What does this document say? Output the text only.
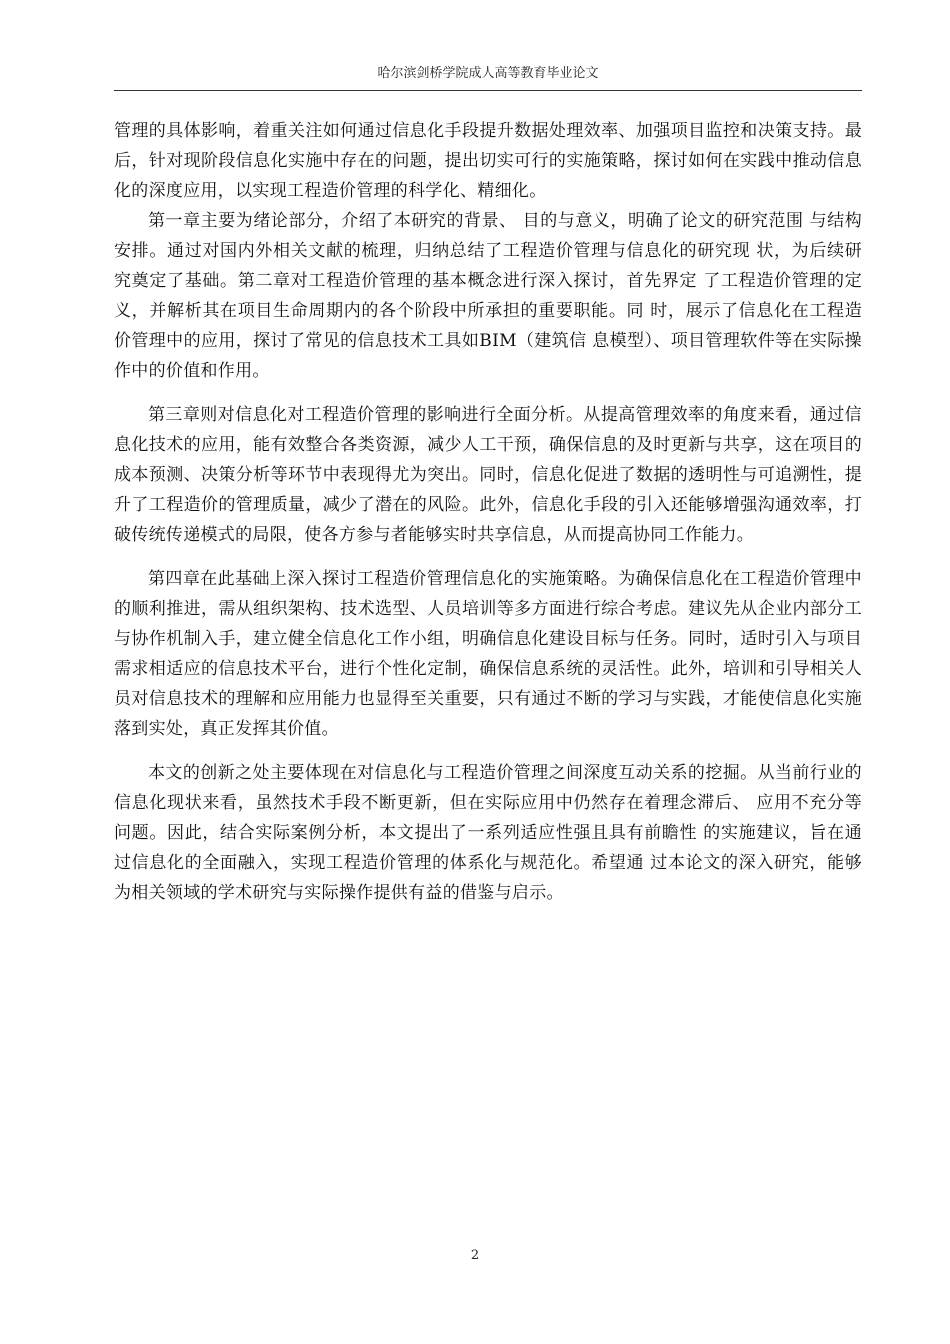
哈尔滨剑桥学院成人高等教育毕业论文

管理的具体影响，着重关注如何通过信息化手段提升数据处理效率、加强项目监控和决策支持。最后，针对现阶段信息化实施中存在的问题，提出切实可行的实施策略，探讨如何在实践中推动信息化的深度应用，以实现工程造价管理的科学化、精细化。

第一章主要为绪论部分，介绍了本研究的背景、 目的与意义，明确了论文的研究范围 与结构安排。通过对国内外相关文献的梳理，归纳总结了工程造价管理与信息化的研究现 状，为后续研究奠定了基础。第二章对工程造价管理的基本概念进行深入探讨，首先界定 了工程造价管理的定义，并解析其在项目生命周期内的各个阶段中所承担的重要职能。同 时，展示了信息化在工程造价管理中的应用，探讨了常见的信息技术工具如BIM（建筑信 息模型）、项目管理软件等在实际操作中的价值和作用。

第三章则对信息化对工程造价管理的影响进行全面分析。从提高管理效率的角度来看，通过信息化技术的应用，能有效整合各类资源，减少人工干预，确保信息的及时更新与共享，这在项目的成本预测、决策分析等环节中表现得尤为突出。同时，信息化促进了数据的透明性与可追溯性，提升了工程造价的管理质量，减少了潜在的风险。此外，信息化手段的引入还能够增强沟通效率，打破传统传递模式的局限，使各方参与者能够实时共享信息，从而提高协同工作能力。

第四章在此基础上深入探讨工程造价管理信息化的实施策略。为确保信息化在工程造价管理中的顺利推进，需从组织架构、技术选型、人员培训等多方面进行综合考虑。建议先从企业内部分工与协作机制入手，建立健全信息化工作小组，明确信息化建设目标与任务。同时，适时引入与项目需求相适应的信息技术平台，进行个性化定制，确保信息系统的灵活性。此外，培训和引导相关人员对信息技术的理解和应用能力也显得至关重要，只有通过不断的学习与实践，才能使信息化实施落到实处，真正发挥其价值。

本文的创新之处主要体现在对信息化与工程造价管理之间深度互动关系的挖掘。从当前行业的信息化现状来看，虽然技术手段不断更新，但在实际应用中仍然存在着理念滞后、 应用不充分等问题。因此，结合实际案例分析，本文提出了一系列适应性强且具有前瞻性 的实施建议，旨在通过信息化的全面融入，实现工程造价管理的体系化与规范化。希望通 过本论文的深入研究，能够为相关领域的学术研究与实际操作提供有益的借鉴与启示。

2
